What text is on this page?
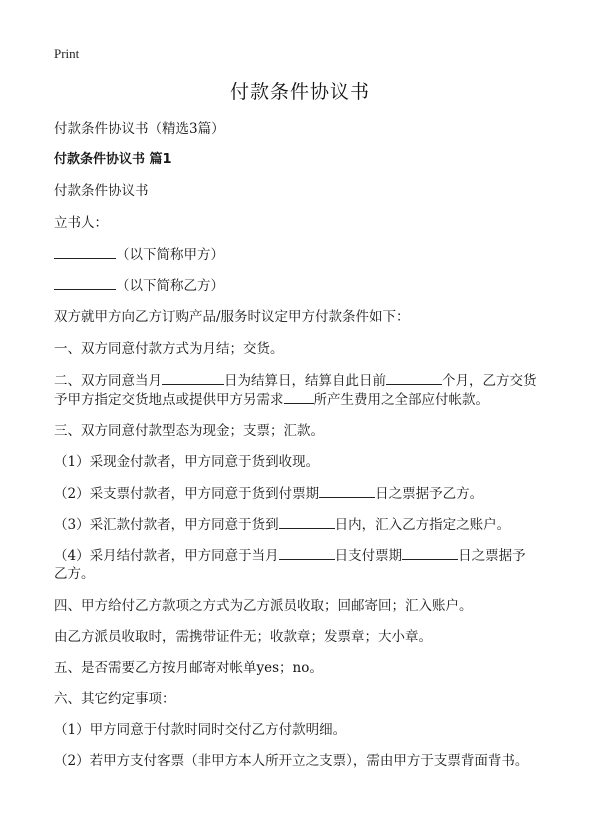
Print
付款条件协议书
付款条件协议书（精选3篇）
付款条件协议书 篇1
付款条件协议书
立书人：
（以下简称甲方）
（以下简称乙方）
双方就甲方向乙方订购产品/服务时议定甲方付款条件如下：
一、双方同意付款方式为月结；交货。
二、双方同意当月	日为结算日，结算自此日前	个月，乙方交货
予甲方指定交货地点或提供甲方另需求 所产生费用之全部应付帐款。
三、双方同意付款型态为现金；支票；汇款。
（1）采现金付款者，甲方同意于货到收现。
（2）采支票付款者，甲方同意于货到付票期	日之票据予乙方。
（3）采汇款付款者，甲方同意于货到	日内，汇入乙方指定之账户。
（4）采月结付款者，甲方同意于当月	日支付票期	日之票据予
乙方。
四、甲方给付乙方款项之方式为乙方派员收取；回邮寄回；汇入账户。
由乙方派员收取时，需携带证件无；收款章；发票章；大小章。
五、是否需要乙方按月邮寄对帐单yes；no。
六、其它约定事项：
（1）甲方同意于付款时同时交付乙方付款明细。
（2）若甲方支付客票（非甲方本人所开立之支票），需由甲方于支票背面背书。
